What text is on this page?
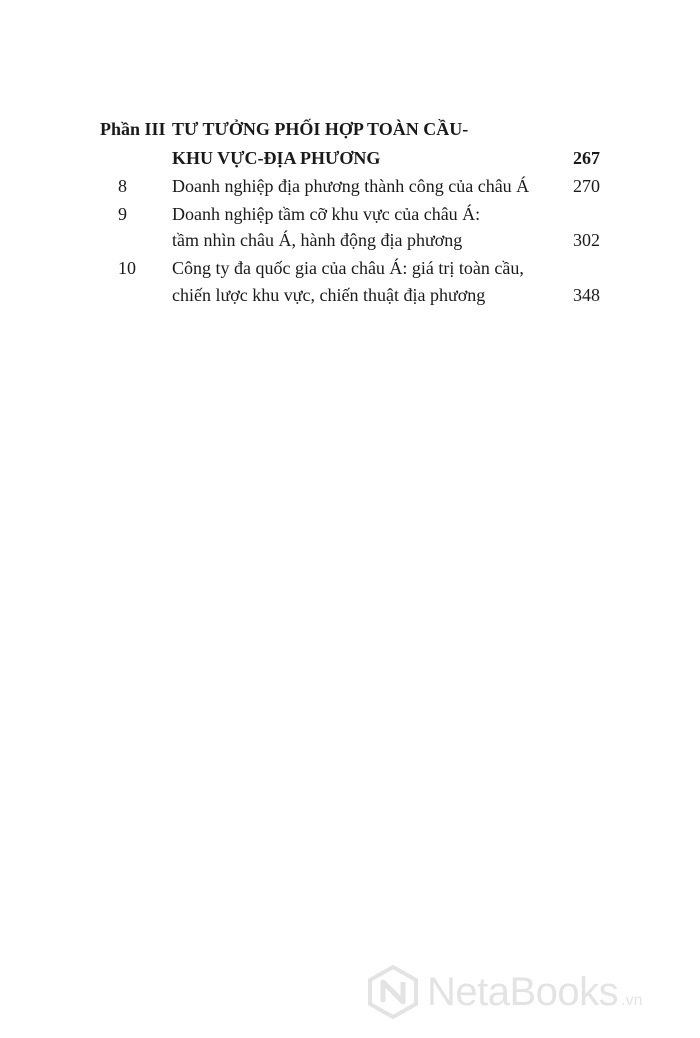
Phần III TƯ TƯỞNG PHỐI HỢP TOÀN CẦU-
KHU VỰC-ĐỊA PHƯƠNG	267
8	Doanh nghiệp địa phương thành công của châu Á 270
9	Doanh nghiệp tầm cỡ khu vực của châu Á:
tầm nhìn châu Á, hành động địa phương	302
10 Công ty đa quốc gia của châu Á: giá trị toàn cầu,
chiến lược khu vực, chiến thuật địa phương	348
NetaBooks .vn
